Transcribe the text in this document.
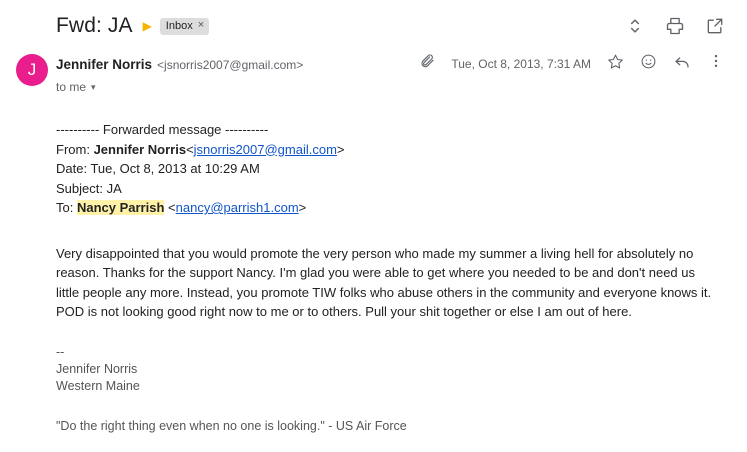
Fwd: JA ▶ Inbox ×
J	Jennifer Norris <jsnorris2007@gmail.com>	Tue, Oct 8, 2013, 7:31 AM
to me ▾
---------- Forwarded message ----------
From: Jennifer Norris<jsnorris2007@gmail.com>
Date: Tue, Oct 8, 2013 at 10:29 AM
Subject: JA
To: Nancy Parrish <nancy@parrish1.com>
Very disappointed that you would promote the very person who made my summer a living hell for absolutely no reason. Thanks for the support Nancy. I'm glad you were able to get where you needed to be and don't need us little people any more. Instead, you promote TIW folks who abuse others in the community and everyone knows it. POD is not looking good right now to me or to others. Pull your shit together or else I am out of here.
--
Jennifer Norris
Western Maine
"Do the right thing even when no one is looking." - US Air Force
